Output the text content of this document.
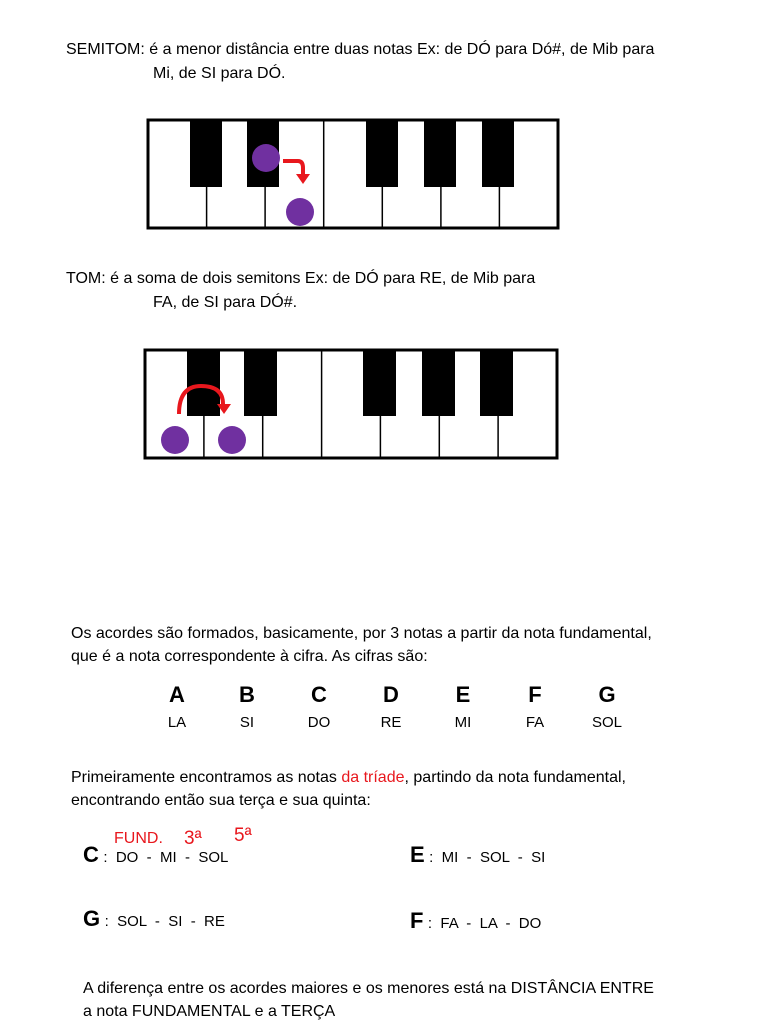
SEMITOM: é a menor distância entre duas notas Ex: de DÓ para Dó#, de Mib para
Mi, de SI para DÓ.
TOM: é a soma de dois semitons Ex: de DÓ para RE, de Mib para
FA, de SI para DÓ#.
Os acordes são formados, basicamente, por 3 notas a partir da nota fundamental,
que é a nota correspondente à cifra. As cifras são:
A
LA
B
SI
C
DO
D
RE
E
MI
F
FA
G
SOL
Primeiramente encontramos as notas da tríade, partindo da nota fundamental,
encontrando então sua terça e sua quinta:
FUND. 3ª 5ª
C :  DO  -  MI  -  SOL	E :  MI  -  SOL  -  SI
G :  SOL  -  SI  -  RE	F :  FA  -  LA  -  DO
A diferença entre os acordes maiores e os menores está na DISTÂNCIA ENTRE
a nota FUNDAMENTAL e a TERÇA
